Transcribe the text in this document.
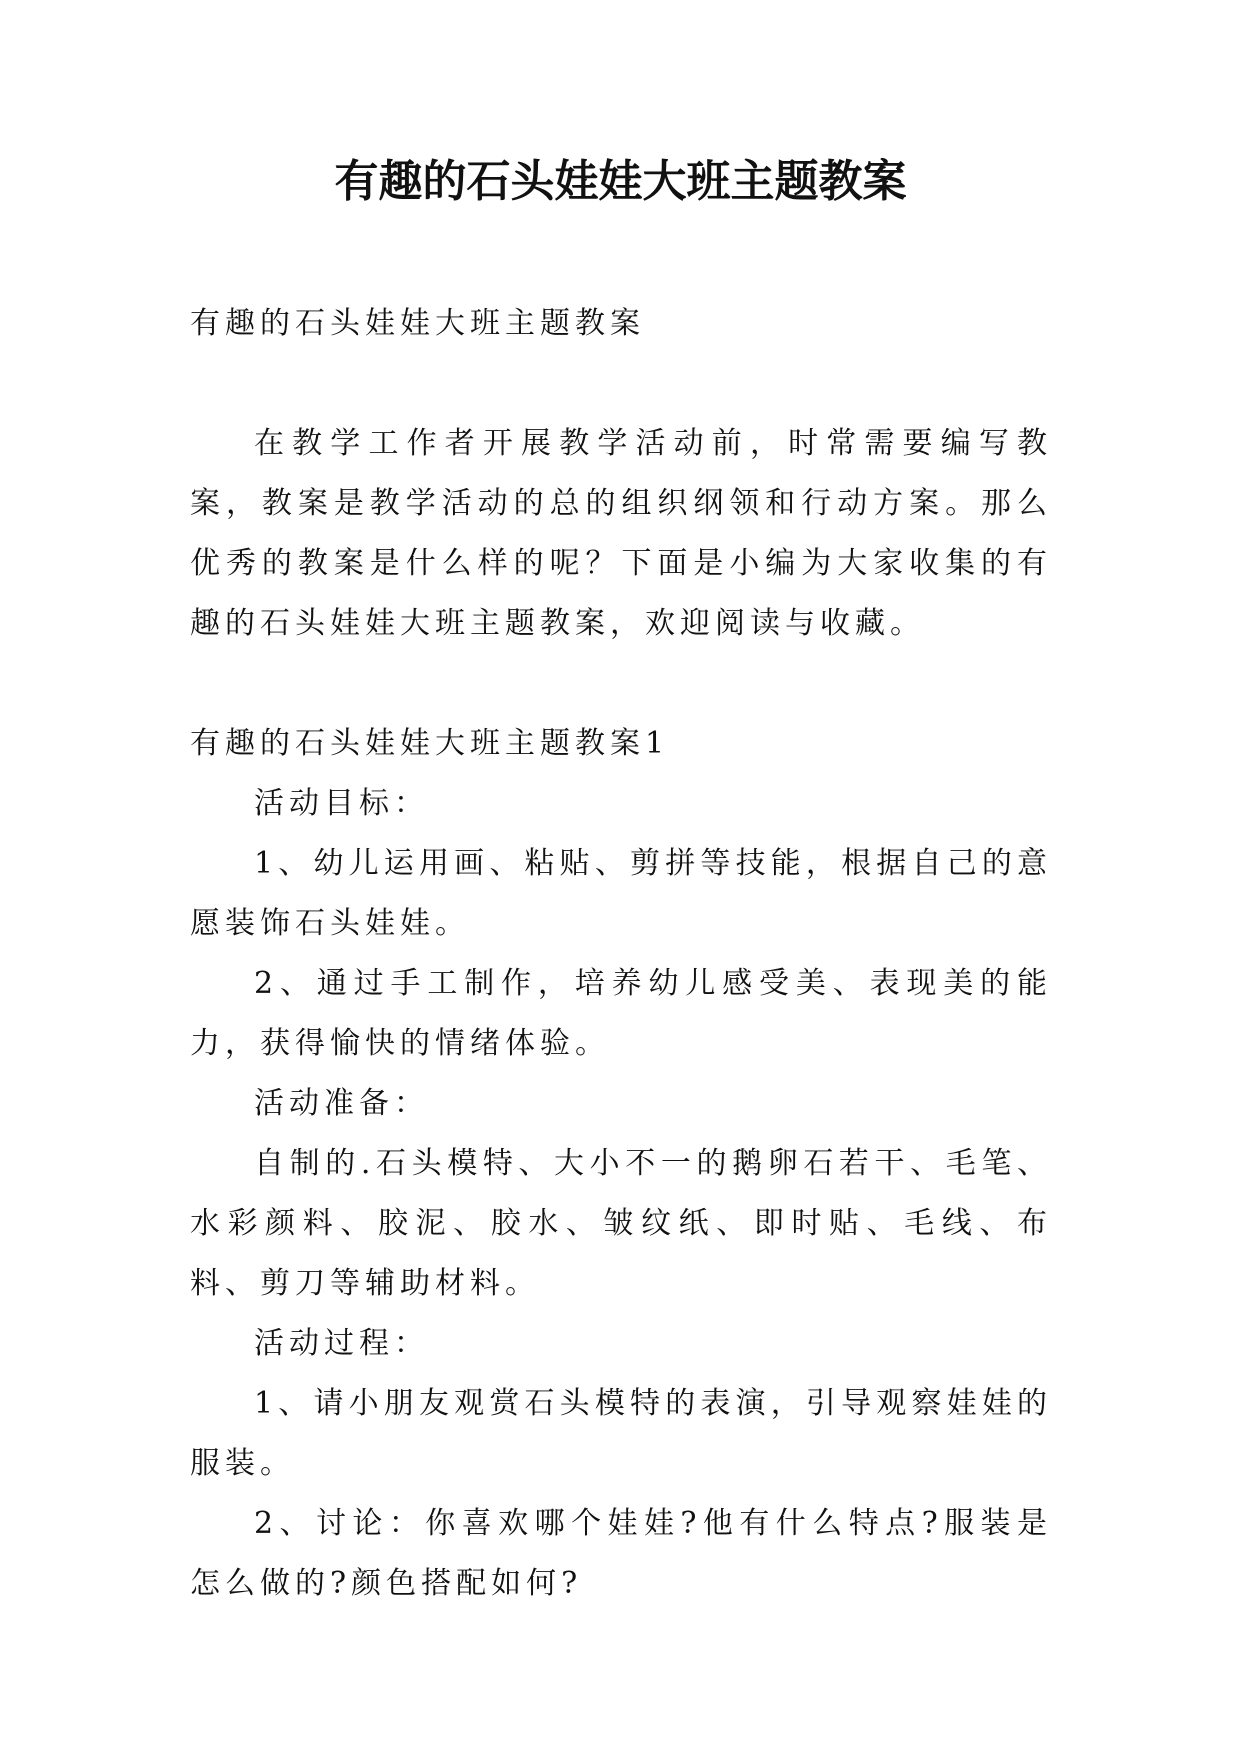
有趣的石头娃娃大班主题教案

有趣的石头娃娃大班主题教案

在教学工作者开展教学活动前，时常需要编写教案，教案是教学活动的总的组织纲领和行动方案。那么优秀的教案是什么样的呢？下面是小编为大家收集的有趣的石头娃娃大班主题教案，欢迎阅读与收藏。

有趣的石头娃娃大班主题教案1

活动目标：

1、幼儿运用画、粘贴、剪拼等技能，根据自己的意愿装饰石头娃娃。

2、通过手工制作，培养幼儿感受美、表现美的能力，获得愉快的情绪体验。

活动准备：

自制的.石头模特、大小不一的鹅卵石若干、毛笔、水彩颜料、胶泥、胶水、皱纹纸、即时贴、毛线、布料、剪刀等辅助材料。

活动过程：

1、请小朋友观赏石头模特的表演，引导观察娃娃的服装。

2、讨论：你喜欢哪个娃娃?他有什么特点?服装是怎么做的?颜色搭配如何?
